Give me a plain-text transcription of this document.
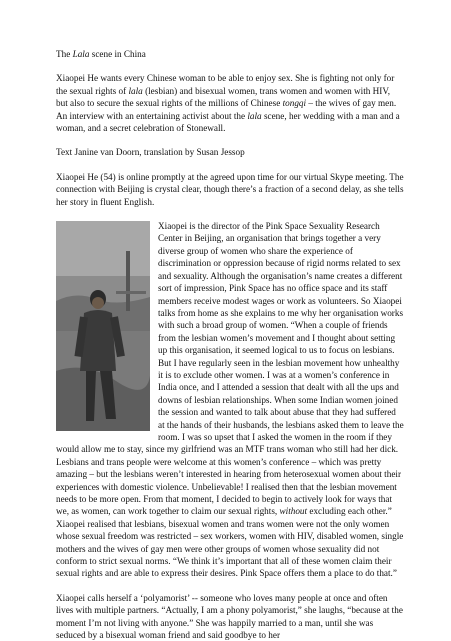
The Lala scene in China

Xiaopei He wants every Chinese woman to be able to enjoy sex. She is fighting not only for the sexual rights of lala (lesbian) and bisexual women, trans women and women with HIV, but also to secure the sexual rights of the millions of Chinese tongqi – the wives of gay men. An interview with an entertaining activist about the lala scene, her wedding with a man and a woman, and a secret celebration of Stonewall.

Text Janine van Doorn, translation by Susan Jessop

Xiaopei He (54) is online promptly at the agreed upon time for our virtual Skype meeting. The connection with Beijing is crystal clear, though there’s a fraction of a second delay, as she tells her story in fluent English.

Xiaopei is the director of the Pink Space Sexuality Research Center in Beijing, an organisation that brings together a very diverse group of women who share the experience of discrimination or oppression because of rigid norms related to sex and sexuality. Although the organisation’s name creates a different sort of impression, Pink Space has no office space and its staff members receive modest wages or work as volunteers. So Xiaopei talks from home as she explains to me why her organisation works with such a broad group of women. “When a couple of friends from the lesbian women’s movement and I thought about setting up this organisation, it seemed logical to us to focus on lesbians. But I have regularly seen in the lesbian movement how unhealthy it is to exclude other women. I was at a women’s conference in India once, and I attended a session that dealt with all the ups and downs of lesbian relationships. When some Indian women joined the session and wanted to talk about abuse that they had suffered at the hands of their husbands, the lesbians asked them to leave the room. I was so upset that I asked the women in the room if they would allow me to stay, since my girlfriend was an MTF trans woman who still had her dick. Lesbians and trans people were welcome at this women’s conference – which was pretty amazing – but the lesbians weren’t interested in hearing from heterosexual women about their experiences with domestic violence. Unbelievable! I realised then that the lesbian movement needs to be more open. From that moment, I decided to begin to actively look for ways that we, as women, can work together to claim our sexual rights, without excluding each other.” Xiaopei realised that lesbians, bisexual women and trans women were not the only women whose sexual freedom was restricted – sex workers, women with HIV, disabled women, single mothers and the wives of gay men were other groups of women whose sexuality did not conform to strict sexual norms. “We think it’s important that all of these women claim their sexual rights and are able to express their desires. Pink Space offers them a place to do that.”

Xiaopei calls herself a ‘polyamorist’ -- someone who loves many people at once and often lives with multiple partners. “Actually, I am a phony polyamorist,” she laughs, “because at the moment I’m not living with anyone.” She was happily married to a man, until she was seduced by a bisexual woman friend and said goodbye to her
